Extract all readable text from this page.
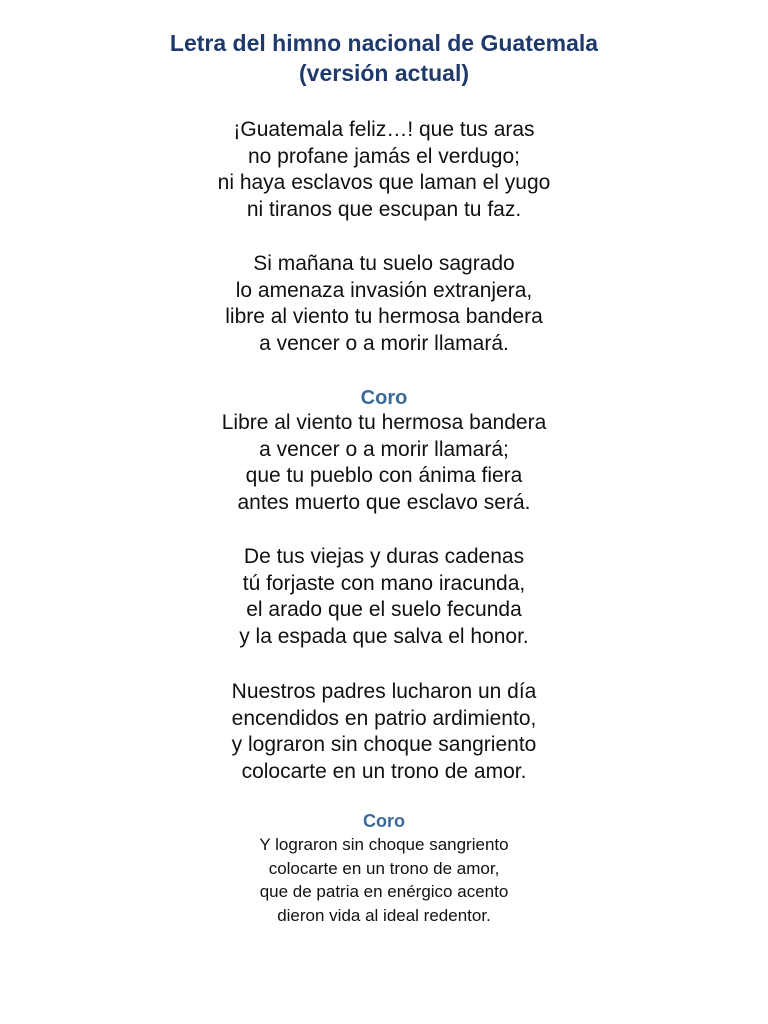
Letra del himno nacional de Guatemala
(versión actual)
¡Guatemala feliz…! que tus aras
no profane jamás el verdugo;
ni haya esclavos que laman el yugo
ni tiranos que escupan tu faz.
Si mañana tu suelo sagrado
lo amenaza invasión extranjera,
libre al viento tu hermosa bandera
a vencer o a morir llamará.
Coro
Libre al viento tu hermosa bandera
a vencer o a morir llamará;
que tu pueblo con ánima fiera
antes muerto que esclavo será.
De tus viejas y duras cadenas
tú forjaste con mano iracunda,
el arado que el suelo fecunda
y la espada que salva el honor.
Nuestros padres lucharon un día
encendidos en patrio ardimiento,
y lograron sin choque sangriento
colocarte en un trono de amor.
Coro
Y lograron sin choque sangriento
colocarte en un trono de amor,
que de patria en enérgico acento
dieron vida al ideal redentor.
